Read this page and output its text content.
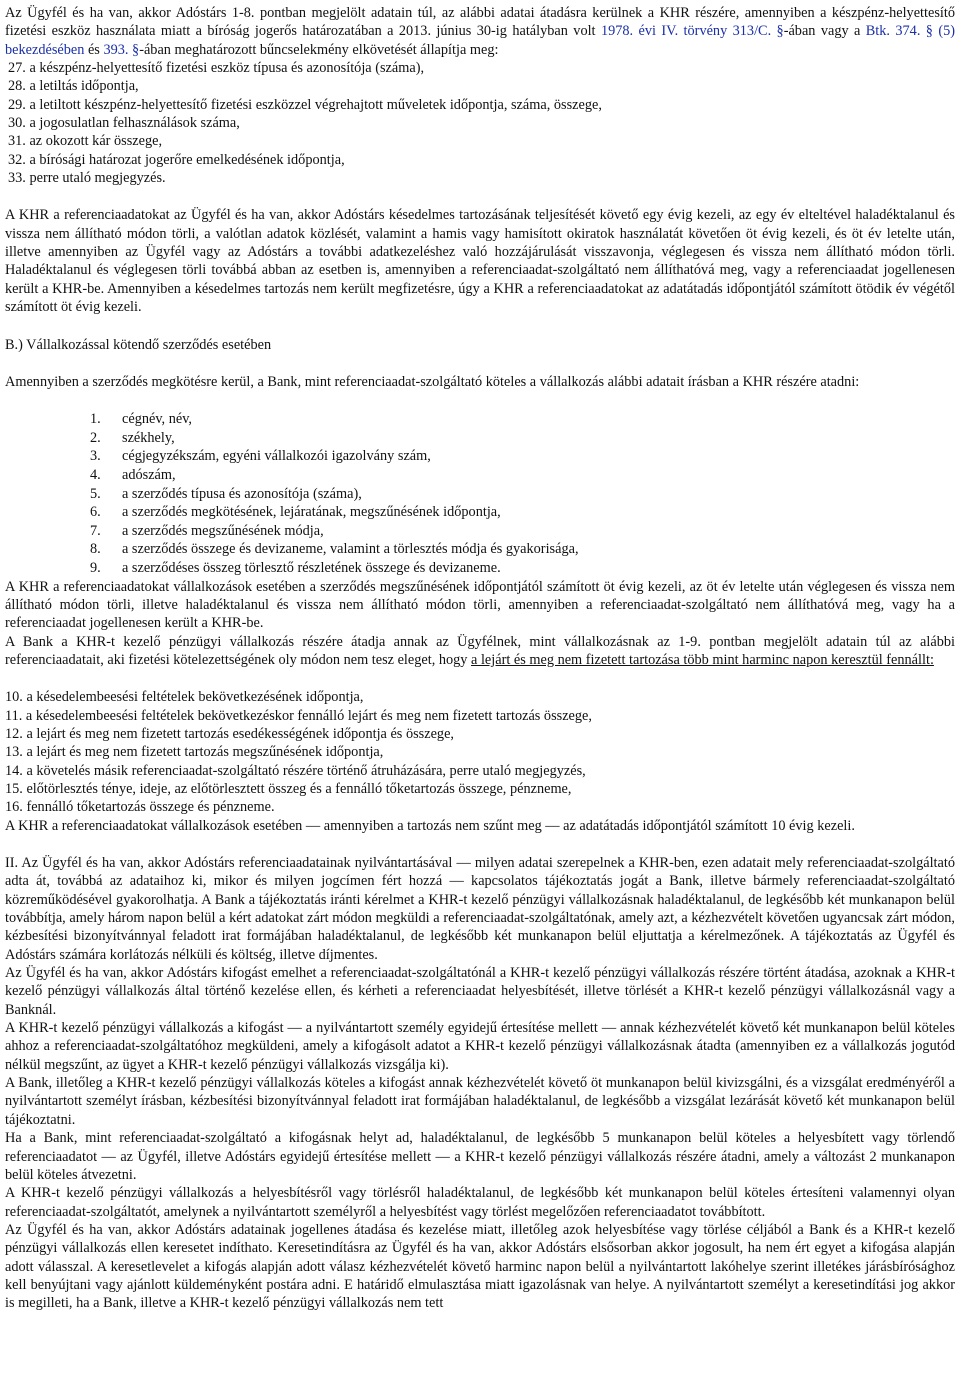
Az Ügyfél és ha van, akkor Adóstárs 1-8. pontban megjelölt adatain túl, az alábbi adatai átadásra kerülnek a KHR részére, amennyiben a készpénz-helyettesítő fizetési eszköz használata miatt a bíróság jogerős határozatában a 2013. június 30-ig hatályban volt 1978. évi IV. törvény 313/C. §-ában vagy a Btk. 374. § (5) bekezdésében és 393. §-ában meghatározott bűncselekmény elkövetését állapítja meg:

27. a készpénz-helyettesítő fizetési eszköz típusa és azonosítója (száma),
28. a letiltás időpontja,
29. a letiltott készpénz-helyettesítő fizetési eszközzel végrehajtott műveletek időpontja, száma, összege,
30. a jogosulatlan felhasználások száma,
31. az okozott kár összege,
32. a bírósági határozat jogerőre emelkedésének időpontja,
33. perre utaló megjegyzés.

A KHR a referenciaadatokat az Ügyfél és ha van, akkor Adóstárs késedelmes tartozásának teljesítését követő egy évig kezeli, az egy év elteltével haladéktalanul és vissza nem állítható módon törli, a valótlan adatok közlését, valamint a hamis vagy hamisított okiratok használatát követően öt évig kezeli, és öt év letelte után, illetve amennyiben az Ügyfél vagy az Adóstárs a további adatkezeléshez való hozzájárulását visszavonja, véglegesen és vissza nem állítható módon törli. Haladéktalanul és véglegesen törli továbbá abban az esetben is, amennyiben a referenciaadat-szolgáltató nem állíthatóvá meg, vagy a referenciaadat jogellenesen került a KHR-be. Amennyiben a késedelmes tartozás nem került megfizetésre, úgy a KHR a referenciaadatokat az adatátadás időpontjától számított ötödik év végétől számított öt évig kezeli.

B.) Vállalkozással kötendő szerződés esetében

Amennyiben a szerződés megkötésre kerül, a Bank, mint referenciaadat-szolgáltató köteles a vállalkozás alábbi adatait írásban a KHR részére atadni:

1.	cégnév, név,
2.	székhely,
3.	cégjegyzékszám, egyéni vállalkozói igazolvány szám,
4.	adószám,
5.	a szerződés típusa és azonosítója (száma),
6.	a szerződés megkötésének, lejáratának, megszűnésének időpontja,
7.	a szerződés megszűnésének módja,
8.	a szerződés összege és devizaneme, valamint a törlesztés módja és gyakorisága,
9.	a szerződéses összeg törlesztő részletének összege és devizaneme.

A KHR a referenciaadatokat vállalkozások esetében a szerződés megszűnésének időpontjától számított öt évig kezeli, az öt év letelte után véglegesen és vissza nem állítható módon törli, illetve haladéktalanul és vissza nem állítható módon törli, amennyiben a referenciaadat-szolgáltató nem állíthatóvá meg, vagy ha a referenciaadat jogellenesen került a KHR-be.

A Bank a KHR-t kezelő pénzügyi vállalkozás részére átadja annak az Ügyfélnek, mint vállalkozásnak az 1-9. pontban megjelölt adatain túl az alábbi referenciaadatait, aki fizetési kötelezettségének oly módon nem tesz eleget, hogy a lejárt és meg nem fizetett tartozása több mint harminc napon keresztül fennállt:

10. a késedelembeesési feltételek bekövetkezésének időpontja,
11. a késedelembeesési feltételek bekövetkezéskor fennálló lejárt és meg nem fizetett tartozás összege,
12. a lejárt és meg nem fizetett tartozás esedékességének időpontja és összege,
13. a lejárt és meg nem fizetett tartozás megszűnésének időpontja,
14. a követelés másik referenciaadat-szolgáltató részére történő átruházására, perre utaló megjegyzés,
15. előtörlesztés ténye, ideje, az előtörlesztett összeg és a fennálló tőketartozás összege, pénzneme,
16. fennálló tőketartozás összege és pénzneme.

A KHR a referenciaadatokat vállalkozások esetében — amennyiben a tartozás nem szűnt meg — az adatátadás időpontjától számított 10 évig kezeli.

II. Az Ügyfél és ha van, akkor Adóstárs referenciaadatainak nyilvántartásával — milyen adatai szerepelnek a KHR-ben, ezen adatait mely referenciaadat-szolgáltató adta át, továbbá az adataihoz ki, mikor és milyen jogcímen fért hozzá — kapcsolatos tájékoztatás jogát a Bank, illetve bármely referenciaadat-szolgáltató közreműködésével gyakorolhatja. A Bank a tájékoztatás iránti kérelmet a KHR-t kezelő pénzügyi vállalkozásnak haladéktalanul, de legkésőbb két munkanapon belül továbbítja, amely három napon belül a kért adatokat zárt módon megküldi a referenciaadat-szolgáltatónak, amely azt, a kézhezvételt követően ugyancsak zárt módon, kézbesítési bizonyítvánnyal feladott irat formájában haladéktalanul, de legkésőbb két munkanapon belül eljuttatja a kérelmezőnek. A tájékoztatás az Ügyfél és Adóstárs számára korlátozás nélküli és költség, illetve díjmentes.

Az Ügyfél és ha van, akkor Adóstárs kifogást emelhet a referenciaadat-szolgáltatónál a KHR-t kezelő pénzügyi vállalkozás részére történt átadása, azoknak a KHR-t kezelő pénzügyi vállalkozás által történő kezelése ellen, és kérheti a referenciaadat helyesbítését, illetve törlését a KHR-t kezelő pénzügyi vállalkozásnál vagy a Banknál.

A KHR-t kezelő pénzügyi vállalkozás a kifogást — a nyilvántartott személy egyidejű értesítése mellett — annak kézhezvételét követő két munkanapon belül köteles ahhoz a referenciaadat-szolgáltatóhoz megküldeni, amely a kifogásolt adatot a KHR-t kezelő pénzügyi vállalkozásnak átadta (amennyiben ez a vállalkozás jogutód nélkül megszűnt, az ügyet a KHR-t kezelő pénzügyi vállalkozás vizsgálja ki).

A Bank, illetőleg a KHR-t kezelő pénzügyi vállalkozás köteles a kifogást annak kézhezvételét követő öt munkanapon belül kivizsgálni, és a vizsgálat eredményéről a nyilvántartott személyt írásban, kézbesítési bizonyítvánnyal feladott irat formájában haladéktalanul, de legkésőbb a vizsgálat lezárását követő két munkanapon belül tájékoztatni.

Ha a Bank, mint referenciaadat-szolgáltató a kifogásnak helyt ad, haladéktalanul, de legkésőbb 5 munkanapon belül köteles a helyesbített vagy törlendő referenciaadatot — az Ügyfél, illetve Adóstárs egyidejű értesítése mellett — a KHR-t kezelő pénzügyi vállalkozás részére átadni, amely a változást 2 munkanapon belül köteles átvezetni.

A KHR-t kezelő pénzügyi vállalkozás a helyesbítésről vagy törlésről haladéktalanul, de legkésőbb két munkanapon belül köteles értesíteni valamennyi olyan referenciaadat-szolgáltatót, amelynek a nyilvántartott személyről a helyesbítést vagy törlést megelőzően referenciaadatot továbbított.

Az Ügyfél és ha van, akkor Adóstárs adatainak jogellenes átadása és kezelése miatt, illetőleg azok helyesbítése vagy törlése céljából a Bank és a KHR-t kezelő pénzügyi vállalkozás ellen keresetet indíthato. Keresetindításra az Ügyfél és ha van, akkor Adóstárs elsősorban akkor jogosult, ha nem ért egyet a kifogása alapján adott válasszal. A keresetlevelet a kifogás alapján adott válasz kézhezvételét követő harminc napon belül a nyilvántartott lakóhelye szerint illetékes járásbírósághoz kell benyújtani vagy ajánlott küldeményként postára adni. E határidő elmulasztása miatt igazolásnak van helye. A nyilvántartott személyt a keresetindítási jog akkor is megilleti, ha a Bank, illetve a KHR-t kezelő pénzügyi vállalkozás nem tett
